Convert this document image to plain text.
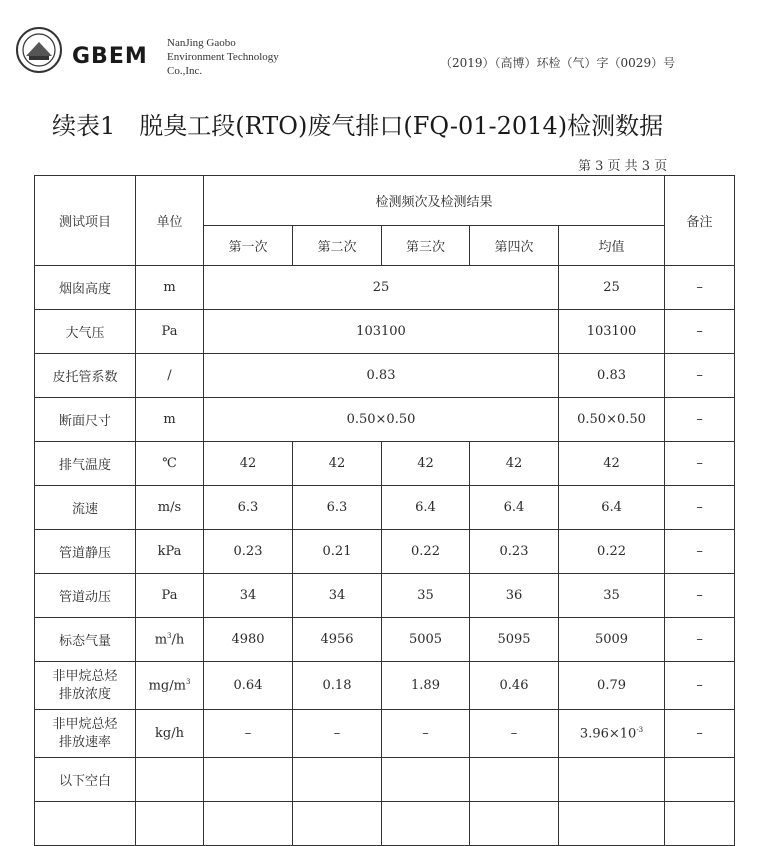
GBEM
NanJing Gaobo
Environment Technology
Co.,Inc.
（2019）（高博）环检（气）字（0029）号
续表1　脱臭工段(RTO)废气排口(FQ-01-2014)检测数据
第 3 页 共 3 页
测试项目	单位	检测频次及检测结果					备注
		第一次	第二次	第三次	第四次	均值	
烟囱高度	m	25				25	–
大气压	Pa	103100				103100	–
皮托管系数	/	0.83				0.83	–
断面尺寸	m	0.50×0.50				0.50×0.50	–
排气温度	℃	42	42	42	42	42	–
流速	m/s	6.3	6.3	6.4	6.4	6.4	–
管道静压	kPa	0.23	0.21	0.22	0.23	0.22	–
管道动压	Pa	34	34	35	36	35	–
标态气量	$m^3/h$	4980	4956	5005	5095	5009	–

非甲烷总烃
排放浓度	$mg/m^3$	0.64	0.18	1.89	0.46	0.79	–

非甲烷总烃
排放速率	kg/h	–	–	–	–	$3.96\times 10^{-3}$	–
以下空白							
